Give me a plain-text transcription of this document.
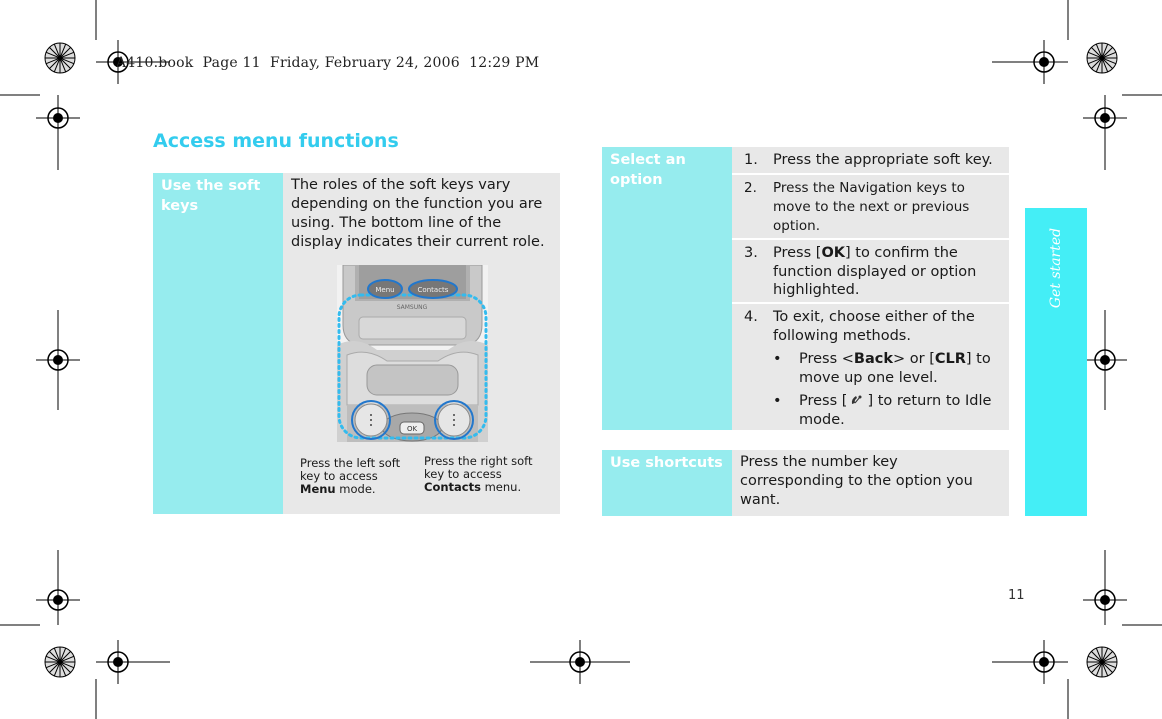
A410.book  Page 11  Friday, February 24, 2006  12:29 PM
Access menu functions
Get started
11
Use the soft keys
The roles of the soft keys vary depending on the function you are using. The bottom line of the display indicates their current role.
SAMSUNG
OK
Menu	Contacts
Press the left soft key to access Menu mode.
Press the right soft key to access Contacts menu.
Select an option
1. Press the appropriate soft key.
2. Press the Navigation keys to move to the next or previous option.
3. Press [OK] to confirm the function displayed or option highlighted.
4. To exit, choose either of the following methods.
• Press <Back> or [CLR] to move up one level.
• Press [ ] to return to Idle mode.
Use shortcuts	Press the number key corresponding to the option you want.
